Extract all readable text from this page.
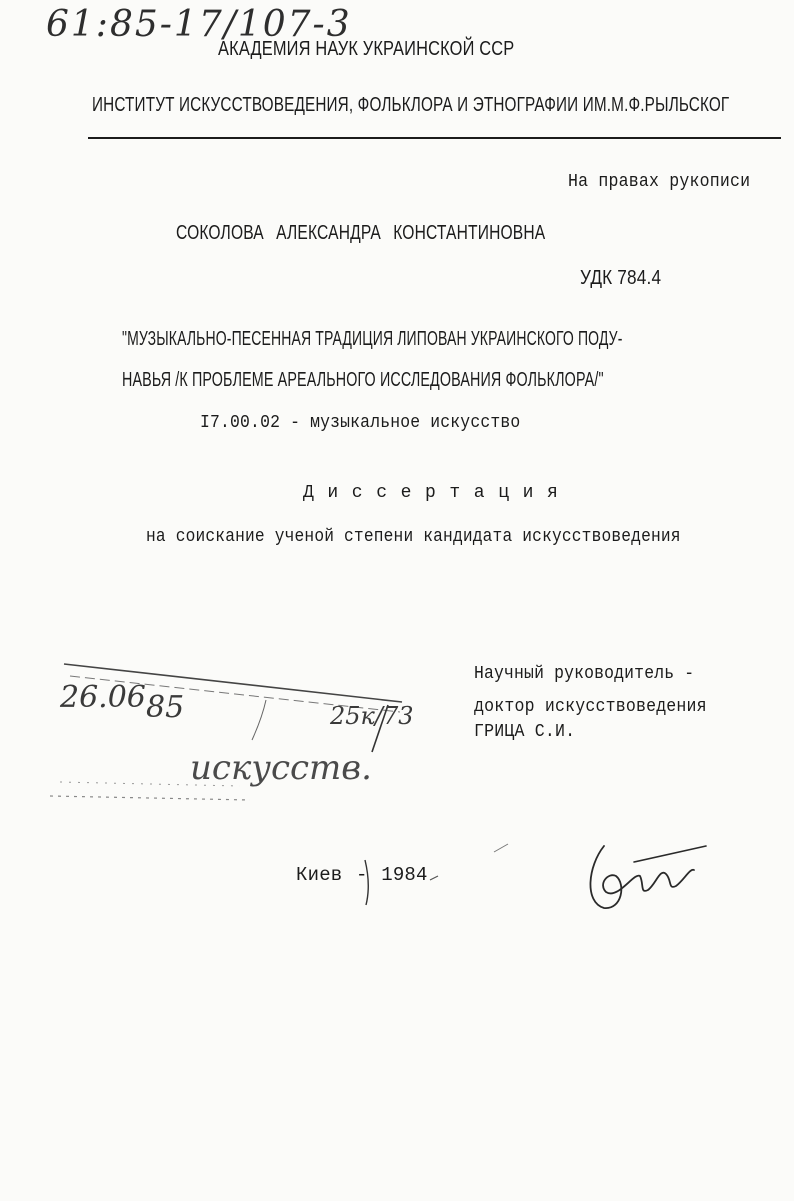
61:85-17/107-3
АКАДЕМИЯ НАУК УКРАИНСКОЙ ССР
ИНСТИТУТ ИСКУССТВОВЕДЕНИЯ, ФОЛЬКЛОРА И ЭТНОГРАФИИ ИМ.М.Ф.РЫЛЬСКОГ
На правах рукописи
СОКОЛОВА АЛЕКСАНДРА КОНСТАНТИНОВНА
УДК 784.4
"МУЗЫКАЛЬНО-ПЕСЕННАЯ ТРАДИЦИЯ ЛИПОВАН УКРАИНСКОГО ПОДУ-
НАВЬЯ /К ПРОБЛЕМЕ АРЕАЛЬНОГО ИССЛЕДОВАНИЯ ФОЛЬКЛОРА/"
I7.00.02 - музыкальное искусство
Диссертация
на соискание ученой степени кандидата искусствоведения
Научный руководитель -
доктор искусствоведения
ГРИЦА С.И.
26.06 85	25к/73
искусств.
Киев - 1984
